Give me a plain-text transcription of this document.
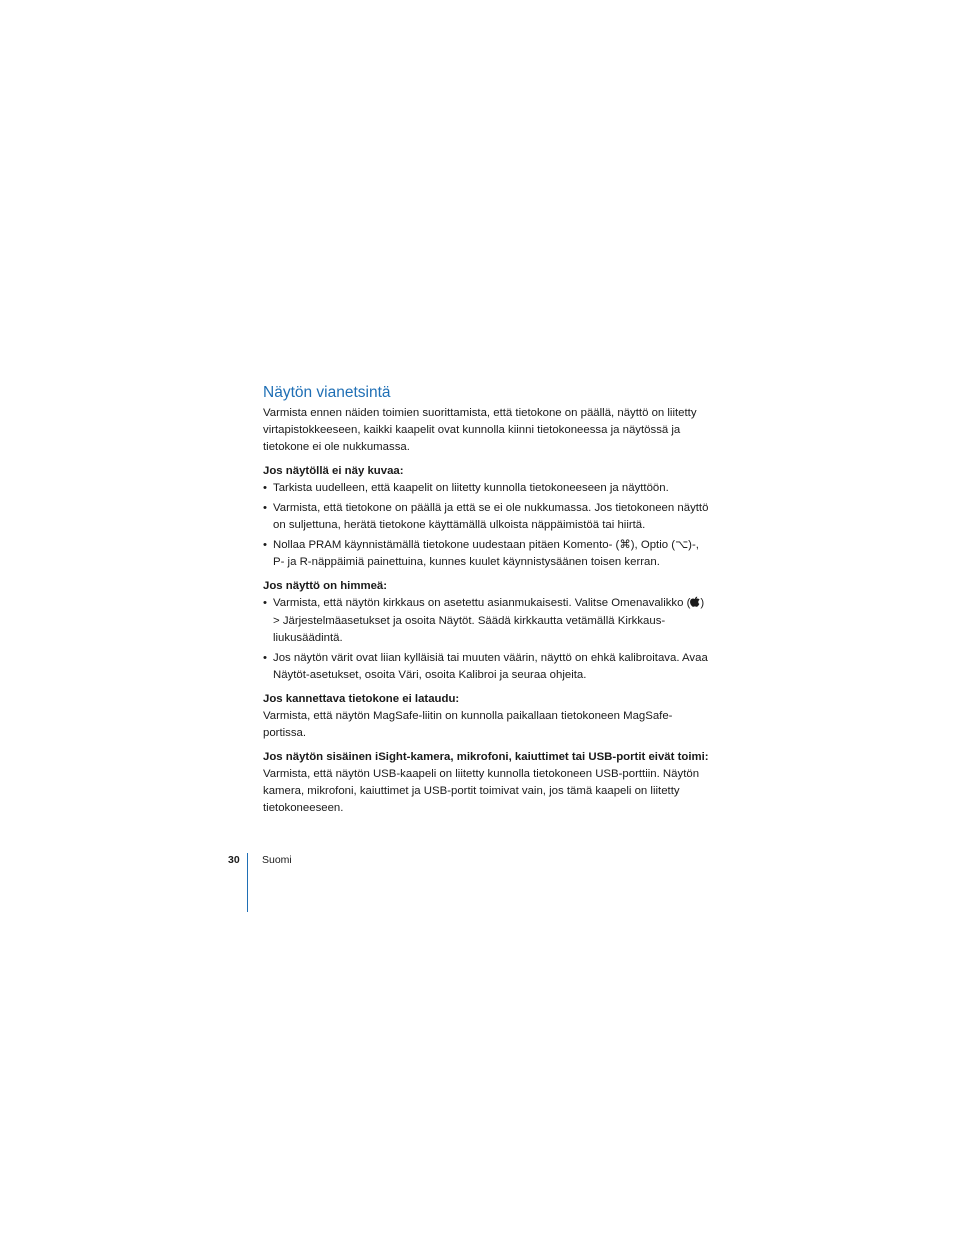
Näytön vianetsintä

Varmista ennen näiden toimien suorittamista, että tietokone on päällä, näyttö on liitetty virtapistokkeeseen, kaikki kaapelit ovat kunnolla kiinni tietokoneessa ja näytössä ja tietokone ei ole nukkumassa.

Jos näytöllä ei näy kuvaa:

• Tarkista uudelleen, että kaapelit on liitetty kunnolla tietokoneeseen ja näyttöön.
• Varmista, että tietokone on päällä ja että se ei ole nukkumassa. Jos tietokoneen näyttö on suljettuna, herätä tietokone käyttämällä ulkoista näppäimistöä tai hiirtä.
• Nollaa PRAM käynnistämällä tietokone uudestaan pitäen Komento- (⌘), Optio (⌥)-, P- ja R-näppäimiä painettuina, kunnes kuulet käynnistysäänen toisen kerran.

Jos näyttö on himmeä:

• Varmista, että näytön kirkkaus on asetettu asianmukaisesti. Valitse Omenavalikko ( ) > Järjestelmäasetukset ja osoita Näytöt. Säädä kirkkautta vetämällä Kirkkaus-liukusäädintä.
• Jos näytön värit ovat liian kylläisiä tai muuten väärin, näyttö on ehkä kalibroitava. Avaa Näytöt-asetukset, osoita Väri, osoita Kalibroi ja seuraa ohjeita.

Jos kannettava tietokone ei lataudu:

Varmista, että näytön MagSafe-liitin on kunnolla paikallaan tietokoneen MagSafe-portissa.

Jos näytön sisäinen iSight-kamera, mikrofoni, kaiuttimet tai USB-portit eivät toimi:

Varmista, että näytön USB-kaapeli on liitetty kunnolla tietokoneen USB-porttiin. Näytön kamera, mikrofoni, kaiuttimet ja USB-portit toimivat vain, jos tämä kaapeli on liitetty tietokoneeseen.

30 Suomi
